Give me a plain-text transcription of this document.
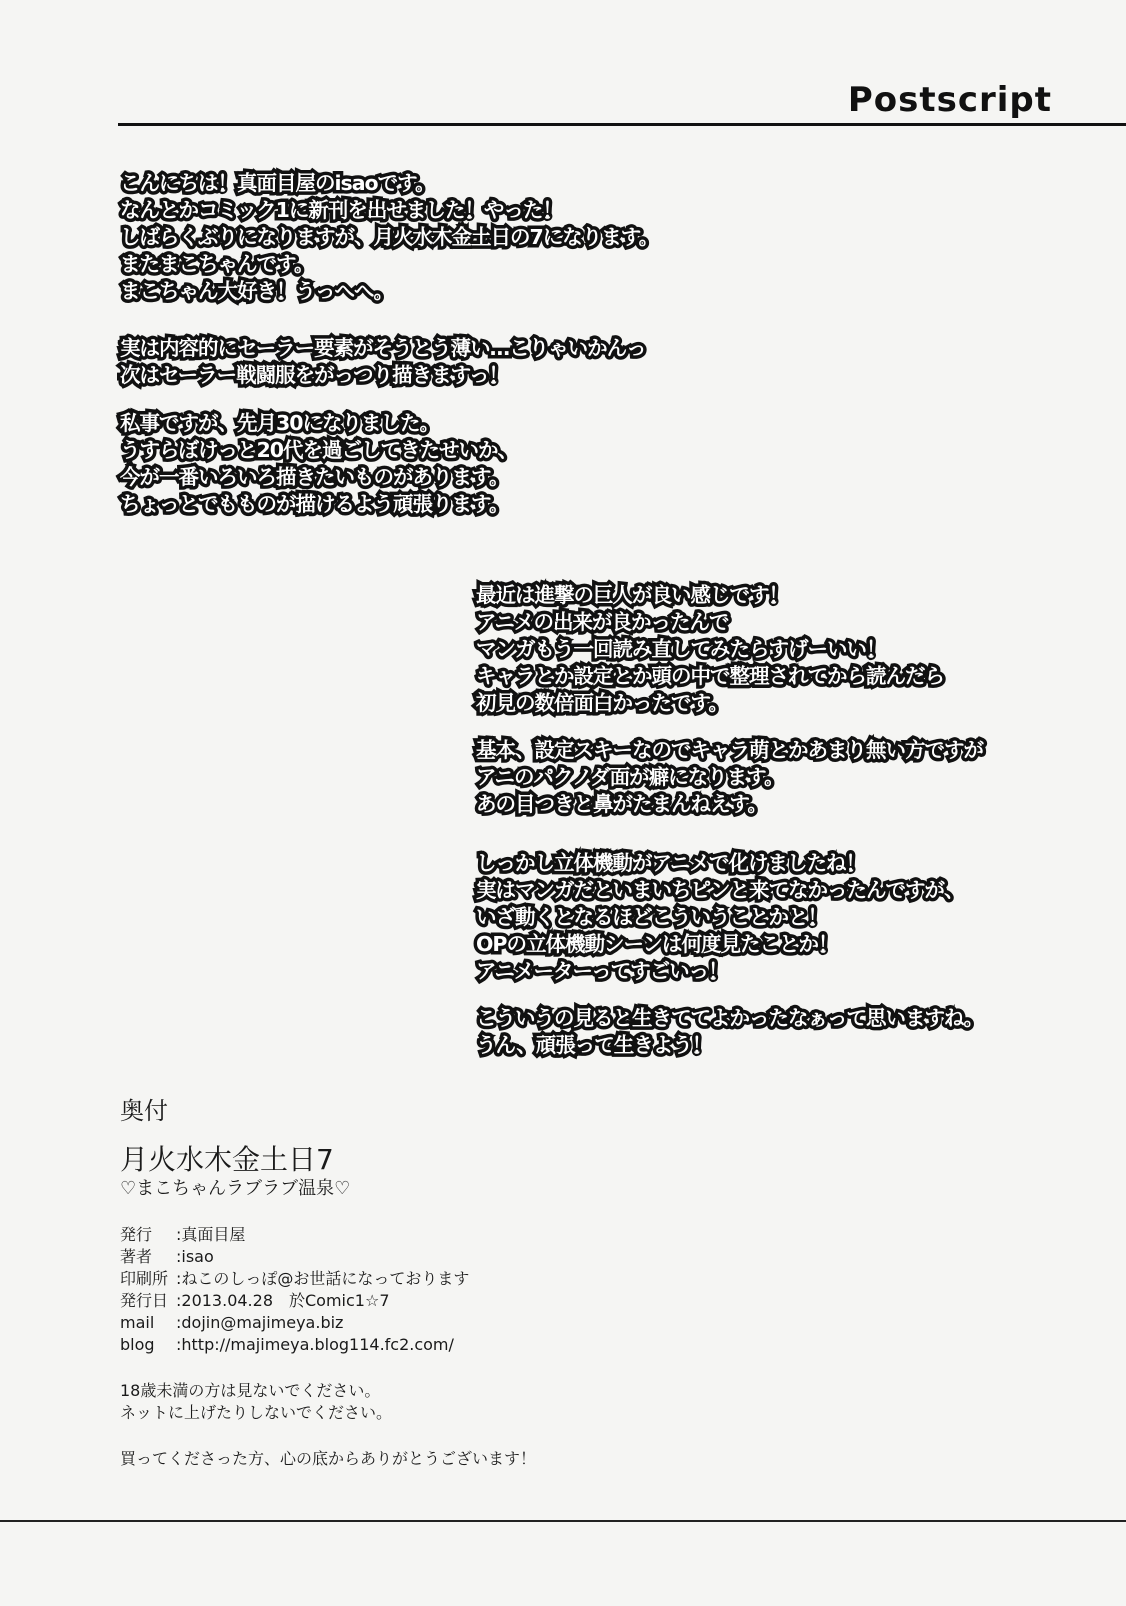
Postscript
こんにちは！真面目屋のisaoです。
なんとかコミック1に新刊を出せました！やった！
しばらくぶりになりますが、月火水木金土日の7になります。
またまこちゃんです。
まこちゃん大好き！うっへへ。
実は内容的にセーラー要素がそうとう薄い…こりゃいかんっ
次はセーラー戦闘服をがっつり描きますっ！
私事ですが、先月30になりました。
うすらぼけっと20代を過ごしてきたせいか、
今が一番いろいろ描きたいものがあります。
ちょっとでもものが描けるよう頑張ります。
最近は進撃の巨人が良い感じです！
アニメの出来が良かったんで
マンガもう一回読み直してみたらすげーいい！
キャラとか設定とか頭の中で整理されてから読んだら
初見の数倍面白かったです。
基本、設定スキーなのでキャラ萌とかあまり無い方ですが
アニのパクノダ面が癖になります。
あの目つきと鼻がたまんねえす。
しっかし立体機動がアニメで化けましたね！
実はマンガだといまいちピンと来てなかったんですが、
いざ動くとなるほどこういうことかと！
OPの立体機動シーンは何度見たことか！
アニメーターってすごいっ！
こういうの見ると生きててよかったなぁって思いますね。
うん、頑張って生きよう！
奥付
月火水木金土日7
♡まこちゃんラブラブ温泉♡
発行	: 真面目屋
著者	: isao
印刷所 : ねこのしっぽ@お世話になっております
発行日 : 2013.04.28　於Comic1☆7
mail	: dojin@majimeya.biz
blog	: http://majimeya.blog114.fc2.com/
18歳未満の方は見ないでください。
ネットに上げたりしないでください。
買ってくださった方、心の底からありがとうございます！
